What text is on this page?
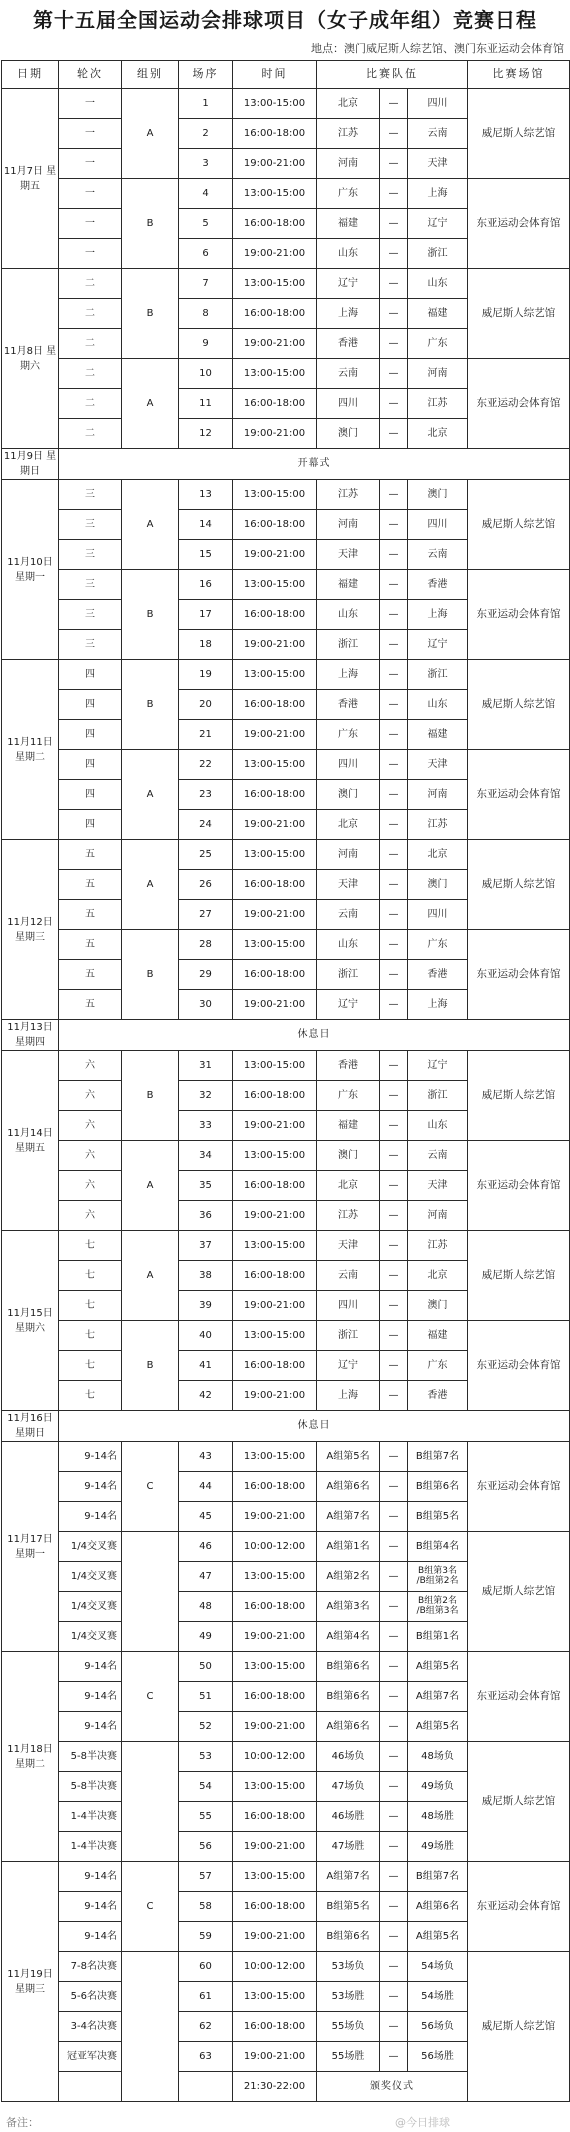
第十五届全国运动会排球项目（女子成年组）竞赛日程
地点：澳门威尼斯人综艺馆、澳门东亚运动会体育馆
日期	轮次	组别	场序	时间	比赛队伍			比赛场馆
11月7日 星期五	一	A	1	13:00-15:00	北京	—	四川	威尼斯人综艺馆
	一		2	16:00-18:00	江苏	—	云南	
	一		3	19:00-21:00	河南	—	天津	
	一	B	4	13:00-15:00	广东	—	上海	东亚运动会体育馆
	一		5	16:00-18:00	福建	—	辽宁	
	一		6	19:00-21:00	山东	—	浙江	
11月8日 星期六	二	B	7	13:00-15:00	辽宁	—	山东	威尼斯人综艺馆
	二		8	16:00-18:00	上海	—	福建	
	二		9	19:00-21:00	香港	—	广东	
	二	A	10	13:00-15:00	云南	—	河南	东亚运动会体育馆
	二		11	16:00-18:00	四川	—	江苏	
	二		12	19:00-21:00	澳门	—	北京	
11月9日 星期日	开幕式							
11月10日 星期一	三	A	13	13:00-15:00	江苏	—	澳门	威尼斯人综艺馆
	三		14	16:00-18:00	河南	—	四川	
	三		15	19:00-21:00	天津	—	云南	
	三	B	16	13:00-15:00	福建	—	香港	东亚运动会体育馆
	三		17	16:00-18:00	山东	—	上海	
	三		18	19:00-21:00	浙江	—	辽宁	
11月11日 星期二	四	B	19	13:00-15:00	上海	—	浙江	威尼斯人综艺馆
	四		20	16:00-18:00	香港	—	山东	
	四		21	19:00-21:00	广东	—	福建	
	四	A	22	13:00-15:00	四川	—	天津	东亚运动会体育馆
	四		23	16:00-18:00	澳门	—	河南	
	四		24	19:00-21:00	北京	—	江苏	
11月12日 星期三	五	A	25	13:00-15:00	河南	—	北京	威尼斯人综艺馆
	五		26	16:00-18:00	天津	—	澳门	
	五		27	19:00-21:00	云南	—	四川	
	五	B	28	13:00-15:00	山东	—	广东	东亚运动会体育馆
	五		29	16:00-18:00	浙江	—	香港	
	五		30	19:00-21:00	辽宁	—	上海	
11月13日 星期四	休息日							
11月14日 星期五	六	B	31	13:00-15:00	香港	—	辽宁	威尼斯人综艺馆
	六		32	16:00-18:00	广东	—	浙江	
	六		33	19:00-21:00	福建	—	山东	
	六	A	34	13:00-15:00	澳门	—	云南	东亚运动会体育馆
	六		35	16:00-18:00	北京	—	天津	
	六		36	19:00-21:00	江苏	—	河南	
11月15日 星期六	七	A	37	13:00-15:00	天津	—	江苏	威尼斯人综艺馆
	七		38	16:00-18:00	云南	—	北京	
	七		39	19:00-21:00	四川	—	澳门	
	七	B	40	13:00-15:00	浙江	—	福建	东亚运动会体育馆
	七		41	16:00-18:00	辽宁	—	广东	
	七		42	19:00-21:00	上海	—	香港	
11月16日 星期日	休息日							
11月17日 星期一	9-14名	C	43	13:00-15:00	A组第5名	—	B组第7名	东亚运动会体育馆
	9-14名		44	16:00-18:00	A组第6名	—	B组第6名	
	9-14名		45	19:00-21:00	A组第7名	—	B组第5名	
	1/4交叉赛		46	10:00-12:00	A组第1名	—	B组第4名	威尼斯人综艺馆
	1/4交叉赛		47	13:00-15:00	A组第2名	—	B组第3名
/B组第2名	
	1/4交叉赛		48	16:00-18:00	A组第3名	—	B组第2名
/B组第3名	
	1/4交叉赛		49	19:00-21:00	A组第4名	—	B组第1名	
11月18日 星期二	9-14名	C	50	13:00-15:00	B组第6名	—	A组第5名	东亚运动会体育馆
	9-14名		51	16:00-18:00	B组第6名	—	A组第7名	
	9-14名		52	19:00-21:00	A组第6名	—	A组第5名	
	5-8半决赛		53	10:00-12:00	46场负	—	48场负	威尼斯人综艺馆
	5-8半决赛		54	13:00-15:00	47场负	—	49场负	
	1-4半决赛		55	16:00-18:00	46场胜	—	48场胜	
	1-4半决赛		56	19:00-21:00	47场胜	—	49场胜	
11月19日 星期三	9-14名	C	57	13:00-15:00	A组第7名	—	B组第7名	东亚运动会体育馆
	9-14名		58	16:00-18:00	B组第5名	—	A组第6名	
	9-14名		59	19:00-21:00	B组第6名	—	A组第5名	
	7-8名决赛		60	10:00-12:00	53场负	—	54场负	威尼斯人综艺馆
	5-6名决赛		61	13:00-15:00	53场胜	—	54场胜	
	3-4名决赛		62	16:00-18:00	55场负	—	56场负	
	冠亚军决赛		63	19:00-21:00	55场胜	—	56场胜	
				21:30-22:00	颁奖仪式			
备注：	@今日排球
